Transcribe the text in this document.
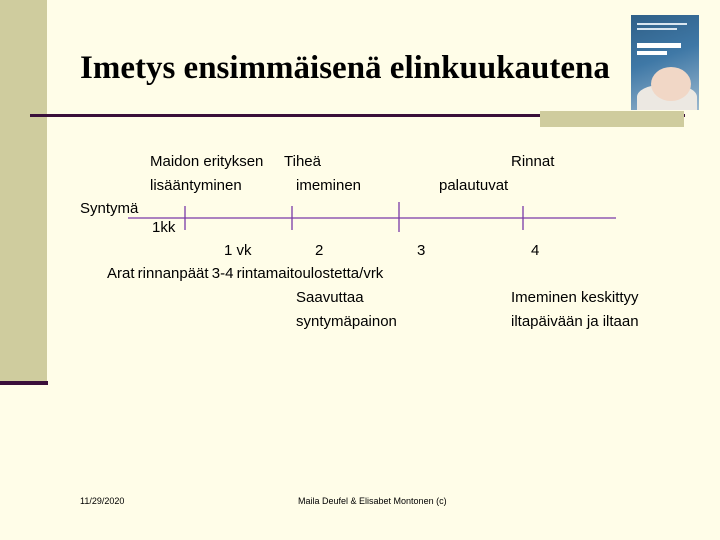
Imetys ensimmäisenä elinkuukautena
Maidon erityksen
lisääntyminen
Tiheä
imeminen
Rinnat
palautuvat
Syntymä
1kk
1 vk	2	3	4
Arat rinnanpäät 3-4 rintamaitoulostetta/vrk
Saavuttaa
syntymäpainon
Imeminen keskittyy
iltapäivään ja iltaan
11/29/2020	Maila Deufel & Elisabet Montonen (c)
